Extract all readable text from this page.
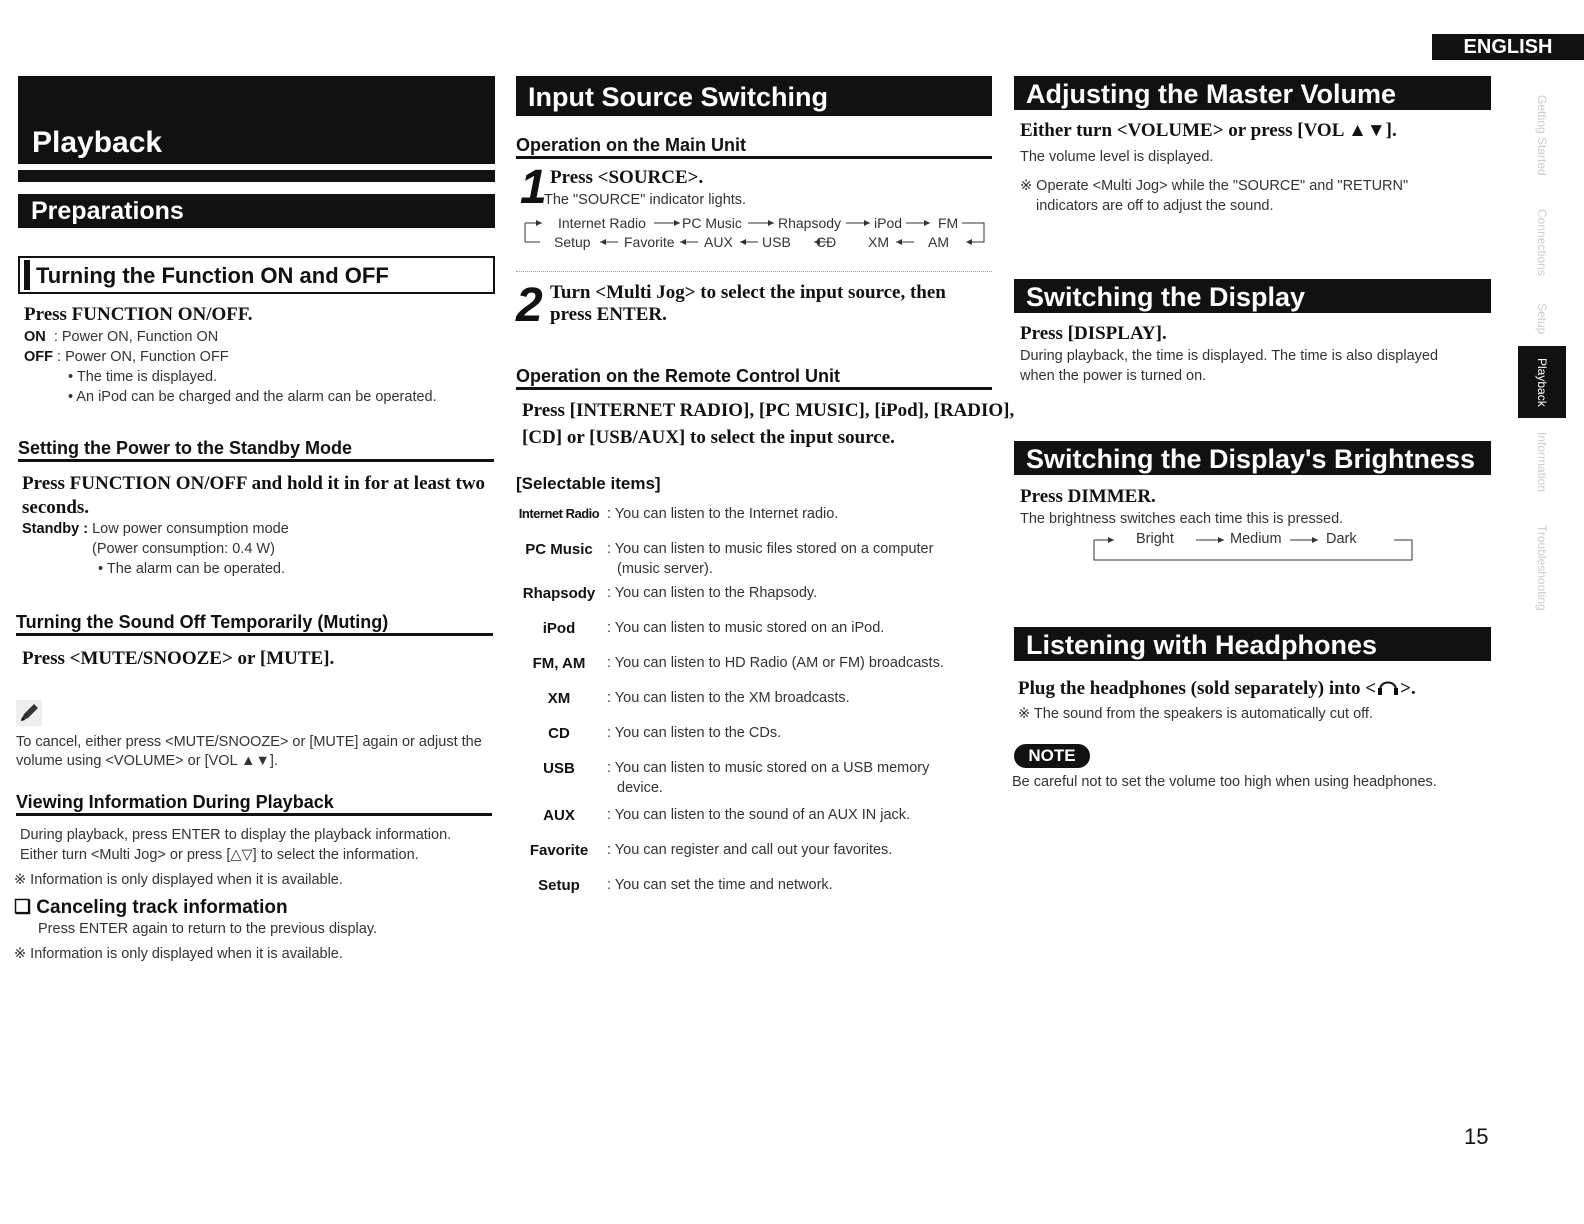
ENGLISH
Getting Started
Connections
Setup
Playback
Information
Troubleshooting
Playback
Preparations
Turning the Function ON and OFF
Press FUNCTION ON/OFF.
ON : Power ON, Function ON
OFF : Power ON, Function OFF
• The time is displayed.
• An iPod can be charged and the alarm can be operated.
Setting the Power to the Standby Mode
Press FUNCTION ON/OFF and hold it in for at least two seconds.
Standby : Low power consumption mode
(Power consumption: 0.4 W)
• The alarm can be operated.
Turning the Sound Off Temporarily (Muting)
Press <MUTE/SNOOZE> or [MUTE].
To cancel, either press <MUTE/SNOOZE> or [MUTE] again or adjust the
volume using <VOLUME> or [VOL ▲▼].
Viewing Information During Playback
During playback, press ENTER to display the playback information.
Either turn <Multi Jog> or press [△▽] to select the information.
※ Information is only displayed when it is available.
❑ Canceling track information
Press ENTER again to return to the previous display.
※ Information is only displayed when it is available.
Input Source Switching
Operation on the Main Unit
1 Press <SOURCE>.
The "SOURCE" indicator lights.
Internet Radio	PC Music	Rhapsody iPod	FM
Setup Favorite AUX USB CD XM	AM
2 Turn <Multi Jog> to select the input source, then press ENTER.
Operation on the Remote Control Unit
Press [INTERNET RADIO], [PC MUSIC], [iPod], [RADIO],
[CD] or [USB/AUX] to select the input source.
[Selectable items]
Internet Radio : You can listen to the Internet radio.
PC Music : You can listen to music files stored on a computer
(music server).
Rhapsody : You can listen to the Rhapsody.
iPod	: You can listen to music stored on an iPod.
FM, AM	: You can listen to HD Radio (AM or FM) broadcasts.
XM	: You can listen to the XM broadcasts.
CD	: You can listen to the CDs.
USB	: You can listen to music stored on a USB memory
device.
AUX	: You can listen to the sound of an AUX IN jack.
Favorite	: You can register and call out your favorites.
Setup	: You can set the time and network.
Adjusting the Master Volume
Either turn <VOLUME> or press [VOL ▲▼].
The volume level is displayed.
※ Operate <Multi Jog> while the "SOURCE" and "RETURN"
indicators are off to adjust the sound.
Switching the Display
Press [DISPLAY].
During playback, the time is displayed. The time is also displayed
when the power is turned on.
Switching the Display's Brightness
Press DIMMER.
The brightness switches each time this is pressed.
Bright	Medium	Dark
Listening with Headphones
Plug the headphones (sold separately) into < >.
※ The sound from the speakers is automatically cut off.
NOTE
Be careful not to set the volume too high when using headphones.
15
